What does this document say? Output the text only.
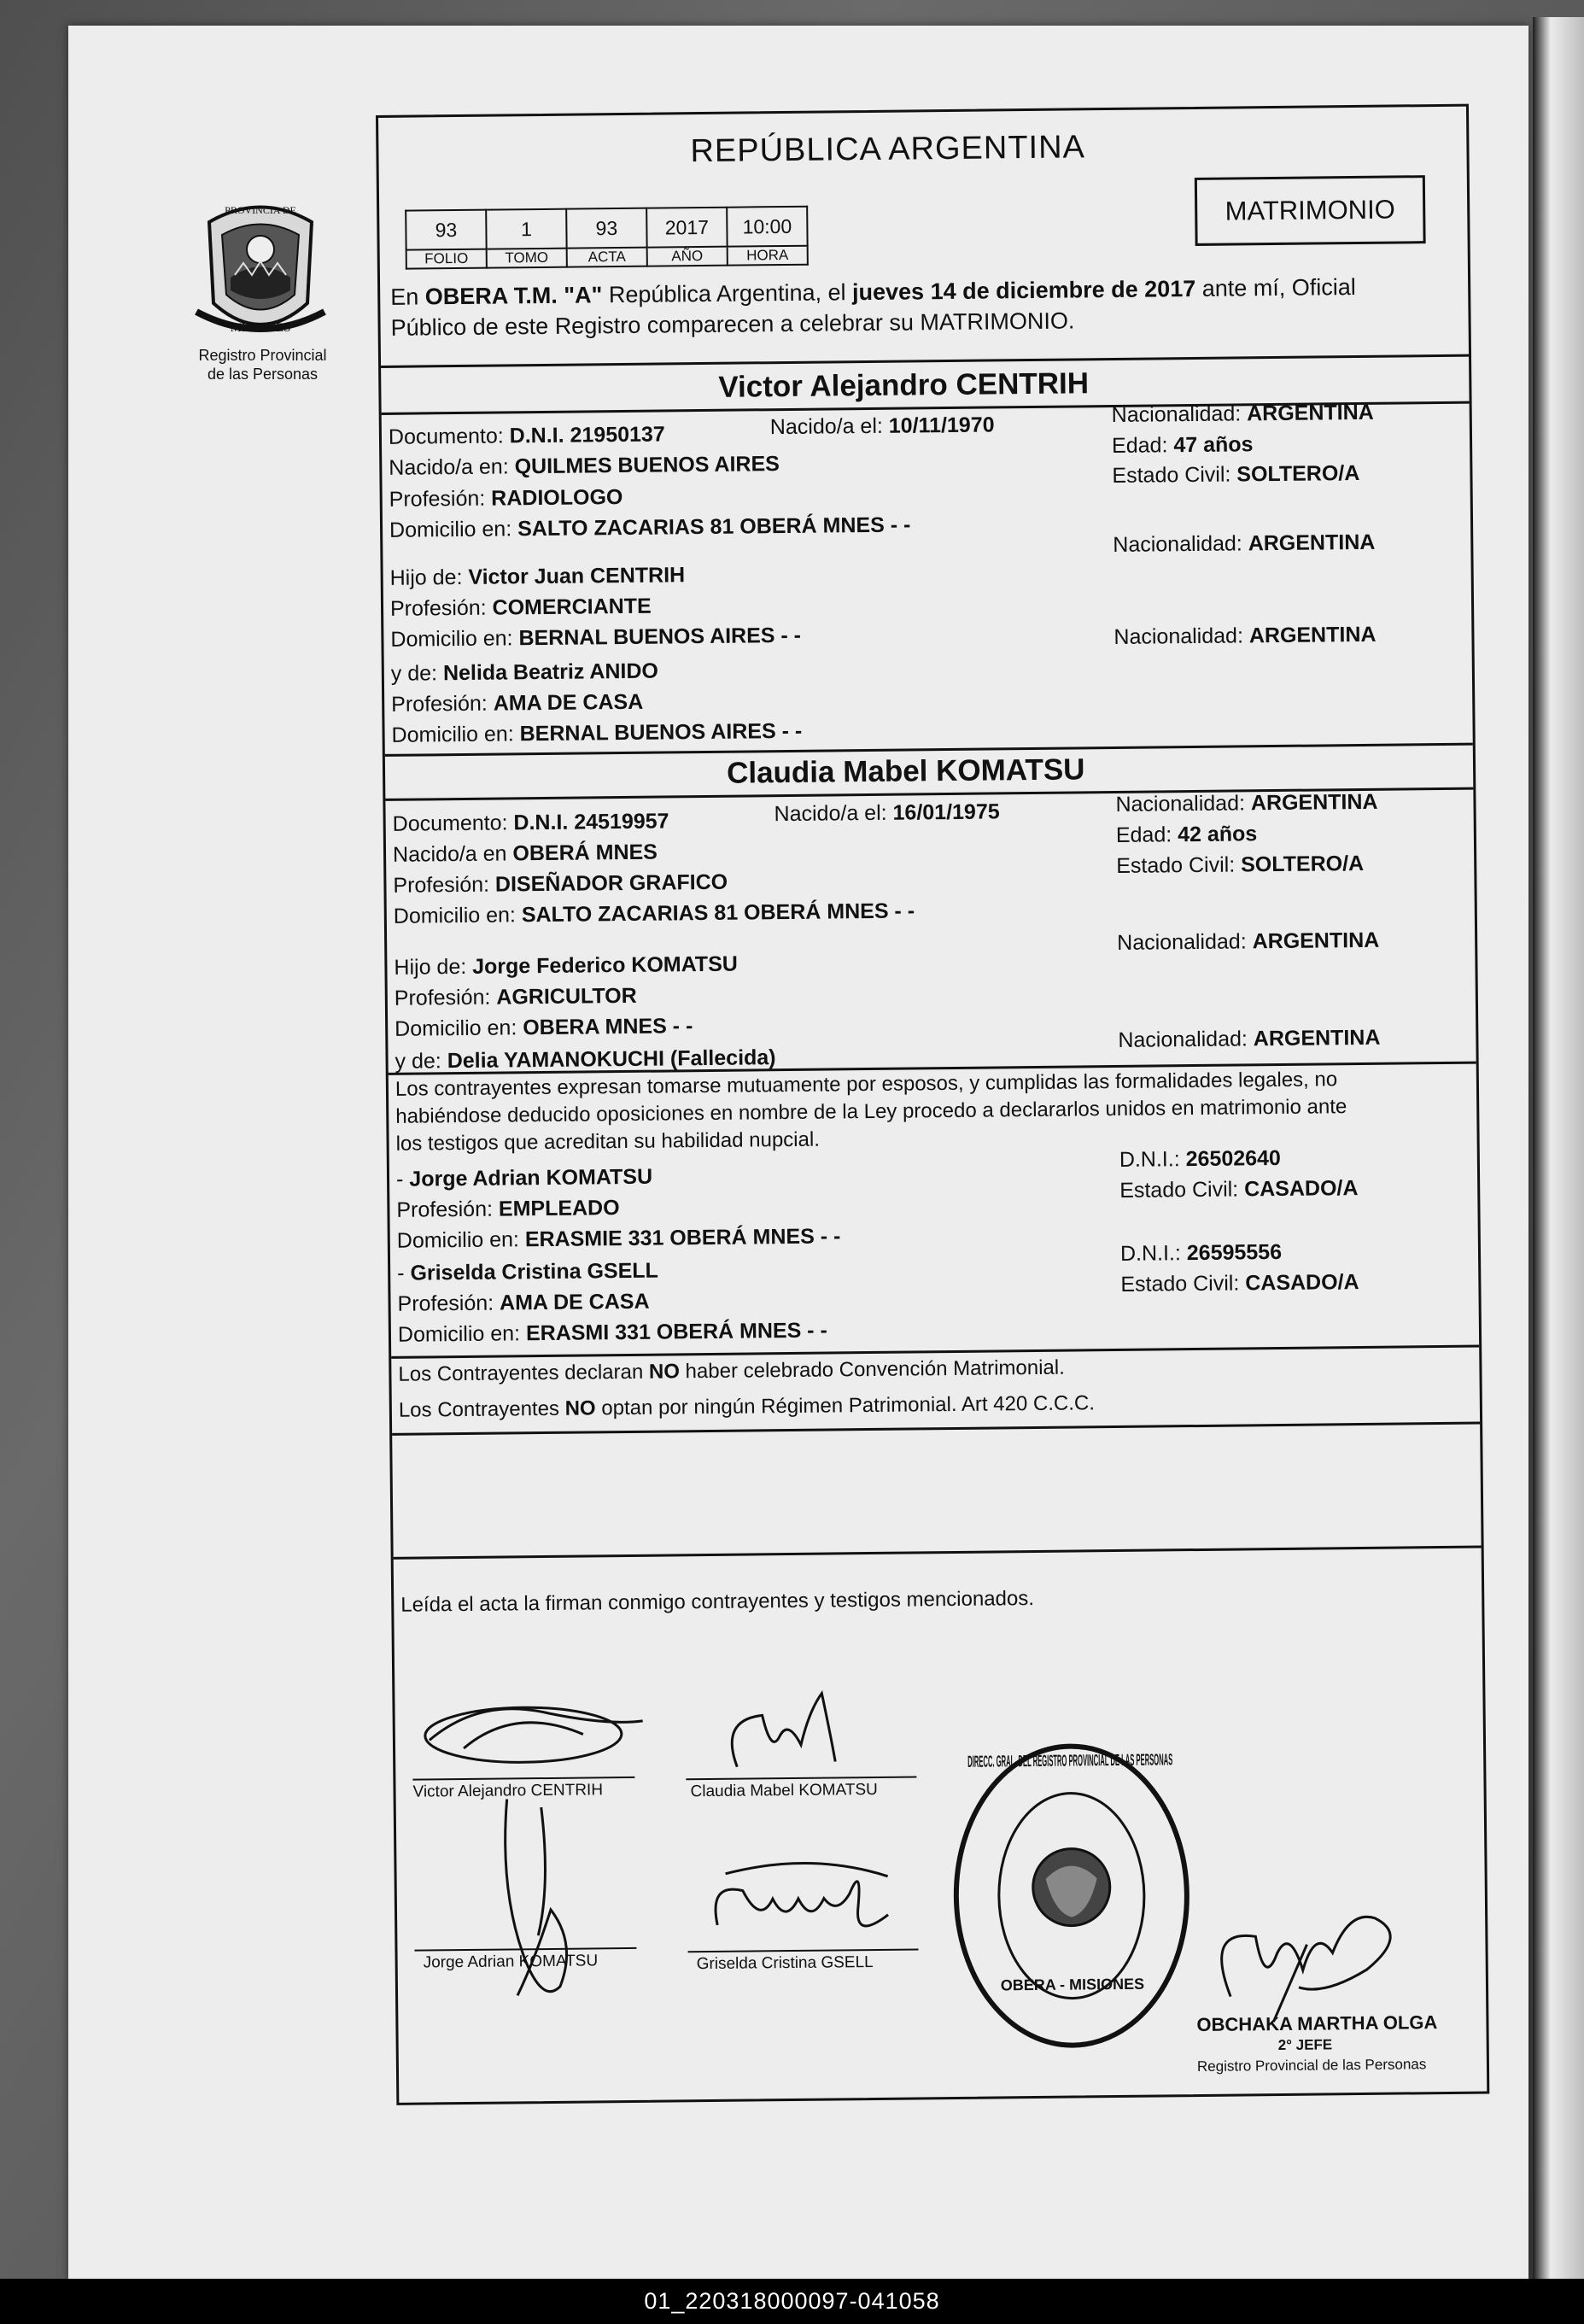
PROVINCIA DE
MISIONES
Registro Provincial
de las Personas
REPÚBLICA ARGENTINA
MATRIMONIO
93	1	93	2017	10:00
FOLIO	TOMO	ACTA	AÑO	HORA
En OBERA T.M. "A" República Argentina, el jueves 14 de diciembre de 2017 ante mí, Oficial
Público de este Registro comparecen a celebrar su MATRIMONIO.
Victor Alejandro CENTRIH
Documento: D.N.I. 21950137	Nacido/a el: 10/11/1970	Nacionalidad: ARGENTINA
Nacido/a en: QUILMES BUENOS AIRES
Edad: 47 años
Estado Civil: SOLTERO/A
Profesión: RADIOLOGO
Domicilio en: SALTO ZACARIAS 81 OBERÁ MNES - -
Hijo de: Victor Juan CENTRIH
Nacionalidad: ARGENTINA
Profesión: COMERCIANTE
Domicilio en: BERNAL BUENOS AIRES - -
y de: Nelida Beatriz ANIDO
Nacionalidad: ARGENTINA
Profesión: AMA DE CASA
Domicilio en: BERNAL BUENOS AIRES - -
Claudia Mabel KOMATSU
Documento: D.N.I. 24519957	Nacido/a el: 16/01/1975	Nacionalidad: ARGENTINA
Nacido/a en OBERÁ MNES
Edad: 42 años
Estado Civil: SOLTERO/A
Profesión: DISEÑADOR GRAFICO
Domicilio en: SALTO ZACARIAS 81 OBERÁ MNES - -
Hijo de: Jorge Federico KOMATSU
Nacionalidad: ARGENTINA
Profesión: AGRICULTOR
Domicilio en: OBERA MNES - -
y de: Delia YAMANOKUCHI (Fallecida)
Nacionalidad: ARGENTINA
Los contrayentes expresan tomarse mutuamente por esposos, y cumplidas las formalidades legales, no
habiéndose deducido oposiciones en nombre de la Ley procedo a declararlos unidos en matrimonio ante
los testigos que acreditan su habilidad nupcial.
- Jorge Adrian KOMATSU
D.N.I.: 26502640
Estado Civil: CASADO/A
Profesión: EMPLEADO
Domicilio en: ERASMIE 331 OBERÁ MNES - -
- Griselda Cristina GSELL
D.N.I.: 26595556
Estado Civil: CASADO/A
Profesión: AMA DE CASA
Domicilio en: ERASMI 331 OBERÁ MNES - -
Los Contrayentes declaran NO haber celebrado Convención Matrimonial.
Los Contrayentes NO optan por ningún Régimen Patrimonial. Art 420 C.C.C.
Leída el acta la firman conmigo contrayentes y testigos mencionados.
Victor Alejandro CENTRIH	Claudia Mabel KOMATSU
Jorge Adrian KOMATSU	Griselda Cristina GSELL
DIRECC. GRAL. DEL REGISTRO PROVINCIAL DE LAS PERSONAS
OBERA - MISIONES
OBCHAKA MARTHA OLGA
2° JEFE
Registro Provincial de las Personas
01_220318000097-041058
